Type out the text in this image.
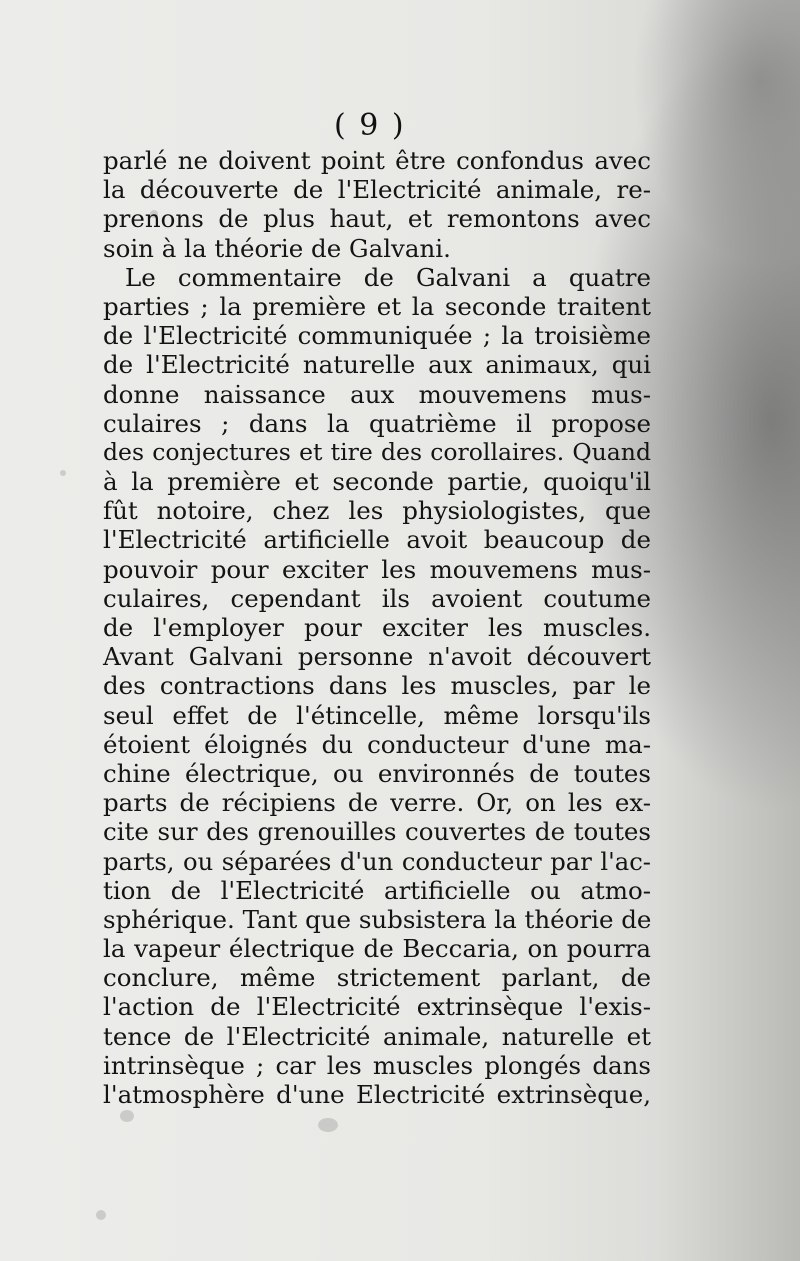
( 9 )
parlé ne doivent point être confondus avec
la découverte de l'Electricité animale, re-
prenons de plus haut, et remontons avec
soin à la théorie de Galvani.
Le commentaire de Galvani a quatre
parties ; la première et la seconde traitent
de l'Electricité communiquée ; la troisième
de l'Electricité naturelle aux animaux, qui
donne naissance aux mouvemens mus-
culaires ; dans la quatrième il propose
des conjectures et tire des corollaires. Quand
à la première et seconde partie, quoiqu'il
fût notoire, chez les physiologistes, que
l'Electricité artificielle avoit beaucoup de
pouvoir pour exciter les mouvemens mus-
culaires, cependant ils avoient coutume
de l'employer pour exciter les muscles.
Avant Galvani personne n'avoit découvert
des contractions dans les muscles, par le
seul effet de l'étincelle, même lorsqu'ils
étoient éloignés du conducteur d'une ma-
chine électrique, ou environnés de toutes
parts de récipiens de verre. Or, on les ex-
cite sur des grenouilles couvertes de toutes
parts, ou séparées d'un conducteur par l'ac-
tion de l'Electricité artificielle ou atmo-
sphérique. Tant que subsistera la théorie de
la vapeur électrique de Beccaria, on pourra
conclure, même strictement parlant, de
l'action de l'Electricité extrinsèque l'exis-
tence de l'Electricité animale, naturelle et
intrinsèque ; car les muscles plongés dans
l'atmosphère d'une Electricité extrinsèque,
